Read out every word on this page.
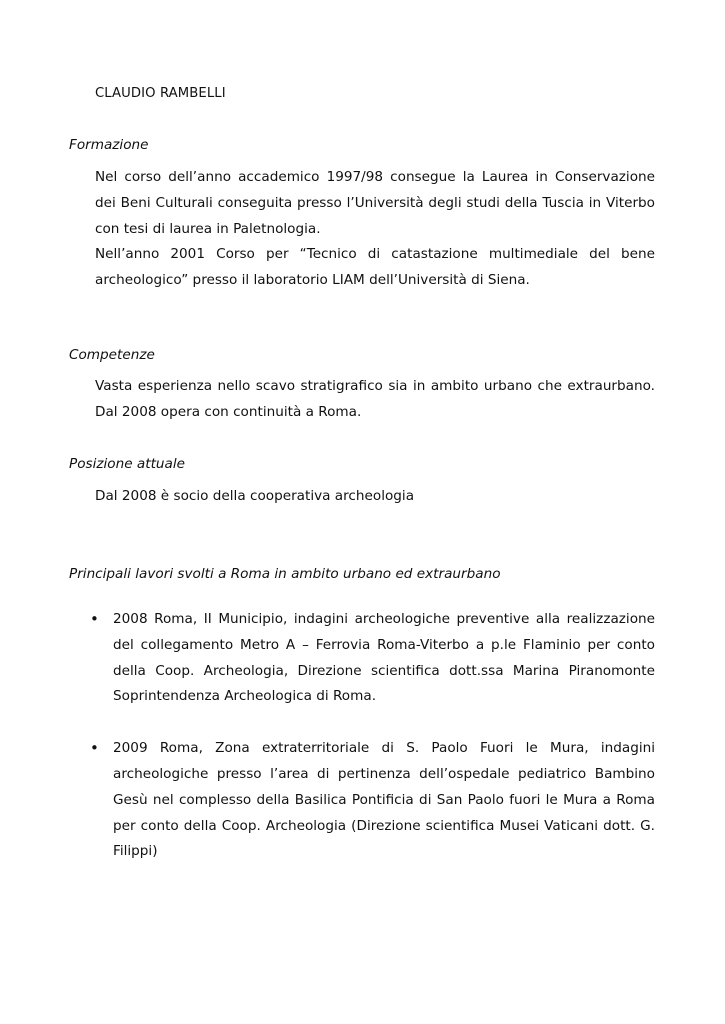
CLAUDIO RAMBELLI
Formazione

Nel corso dell’anno accademico 1997/98 consegue la Laurea in Conservazione dei Beni Culturali conseguita presso l’Università degli studi della Tuscia in Viterbo con tesi di laurea in Paletnologia.

Nell’anno 2001 Corso per “Tecnico di catastazione multimediale del bene archeologico” presso il laboratorio LIAM dell’Università di Siena.

Competenze

Vasta esperienza nello scavo stratigrafico sia in ambito urbano che extraurbano. Dal 2008 opera con continuità a Roma.

Posizione attuale

Dal 2008 è socio della cooperativa archeologia

Principali lavori svolti a Roma in ambito urbano ed extraurbano
• 2008 Roma, II Municipio, indagini archeologiche preventive alla realizzazione del collegamento Metro A – Ferrovia Roma-Viterbo a p.le Flaminio per conto della Coop. Archeologia, Direzione scientifica dott.ssa Marina Piranomonte Soprintendenza Archeologica di Roma.
• 2009 Roma, Zona extraterritoriale di S. Paolo Fuori le Mura, indagini archeologiche presso l’area di pertinenza dell’ospedale pediatrico Bambino Gesù nel complesso della Basilica Pontificia di San Paolo fuori le Mura a Roma per conto della Coop. Archeologia (Direzione scientifica Musei Vaticani dott. G. Filippi)
